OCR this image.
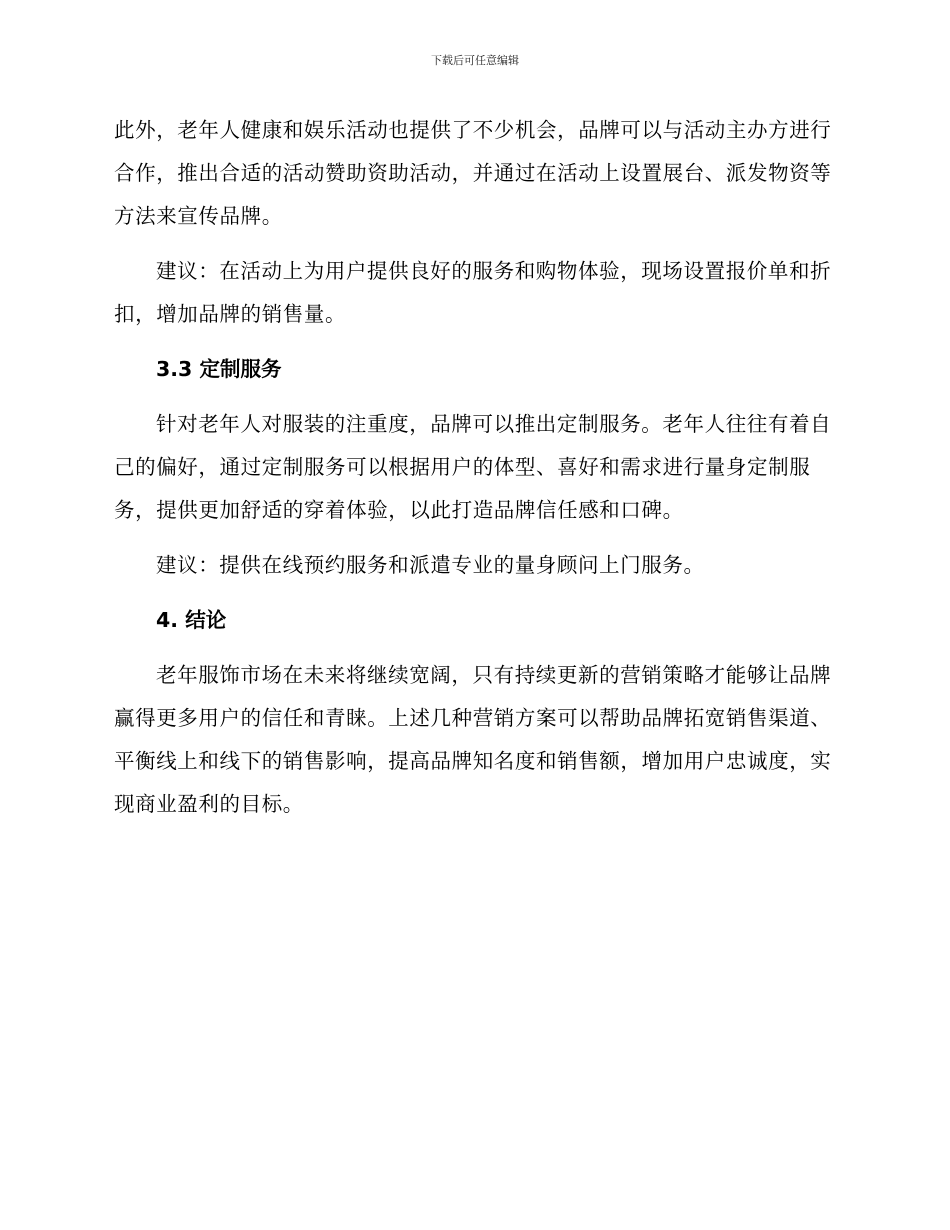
下载后可任意编辑

此外，老年人健康和娱乐活动也提供了不少机会，品牌可以与活动主办方进行合作，推出合适的活动赞助资助活动，并通过在活动上设置展台、派发物资等方法来宣传品牌。

建议：在活动上为用户提供良好的服务和购物体验，现场设置报价单和折扣，增加品牌的销售量。

3.3 定制服务

针对老年人对服装的注重度，品牌可以推出定制服务。老年人往往有着自己的偏好，通过定制服务可以根据用户的体型、喜好和需求进行量身定制服务，提供更加舒适的穿着体验，以此打造品牌信任感和口碑。

建议：提供在线预约服务和派遣专业的量身顾问上门服务。

4. 结论

老年服饰市场在未来将继续宽阔，只有持续更新的营销策略才能够让品牌赢得更多用户的信任和青睐。上述几种营销方案可以帮助品牌拓宽销售渠道、平衡线上和线下的销售影响，提高品牌知名度和销售额，增加用户忠诚度，实现商业盈利的目标。
